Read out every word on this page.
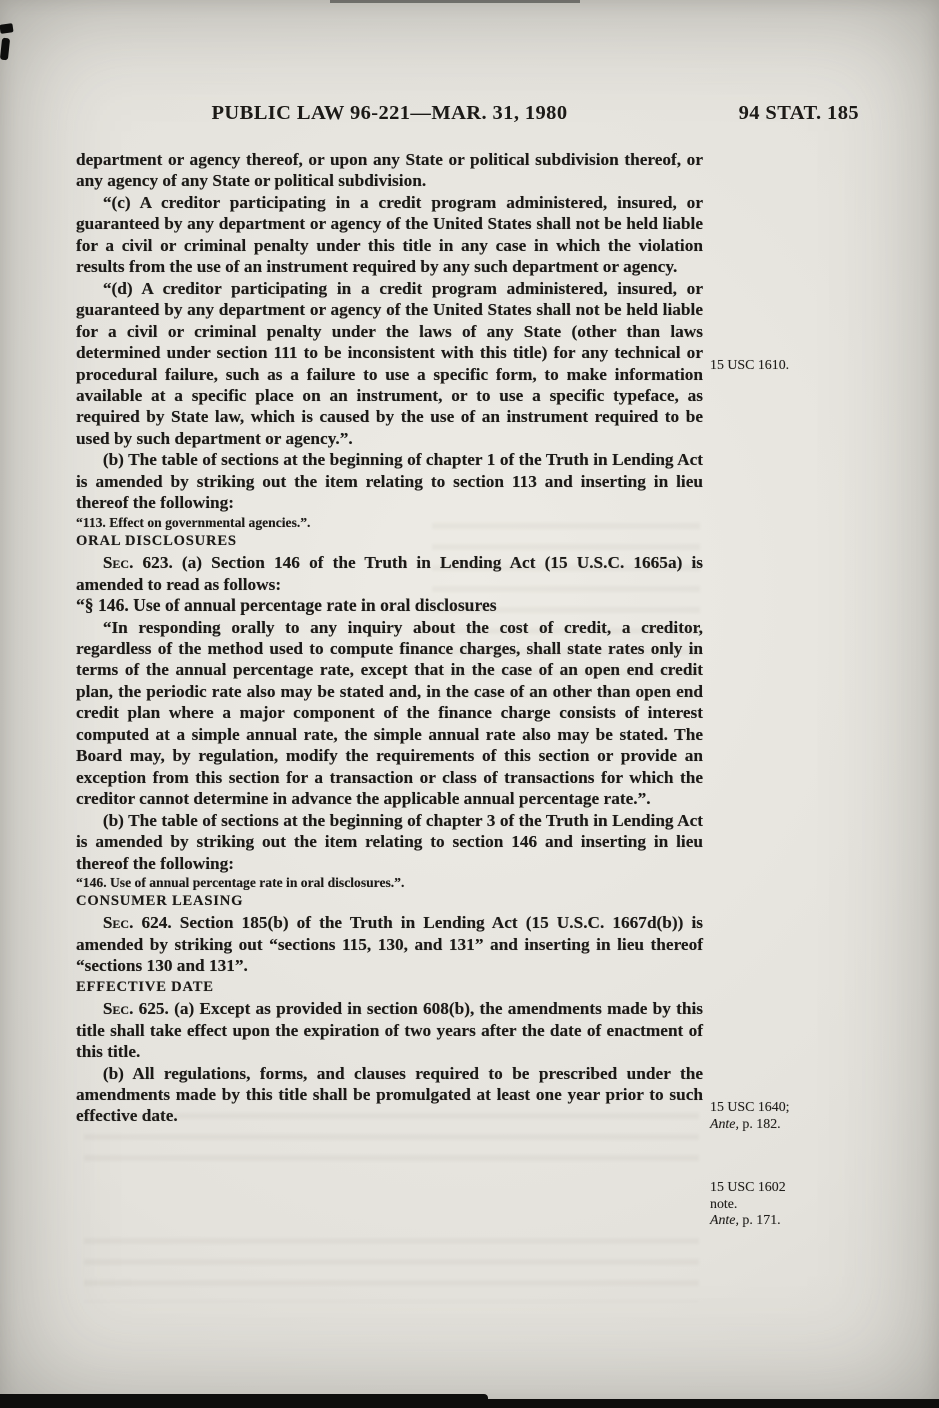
PUBLIC LAW 96-221—MAR. 31, 1980	94 STAT. 185

department or agency thereof, or upon any State or political subdivision thereof, or any agency of any State or political subdivision.

“(c) A creditor participating in a credit program administered, insured, or guaranteed by any department or agency of the United States shall not be held liable for a civil or criminal penalty under this title in any case in which the violation results from the use of an instrument required by any such department or agency.

“(d) A creditor participating in a credit program administered, insured, or guaranteed by any department or agency of the United States shall not be held liable for a civil or criminal penalty under the laws of any State (other than laws determined under section 111 to be inconsistent with this title) for any technical or procedural failure, such as a failure to use a specific form, to make information available at a specific place on an instrument, or to use a specific typeface, as required by State law, which is caused by the use of an instrument required to be used by such department or agency.”.

(b) The table of sections at the beginning of chapter 1 of the Truth in Lending Act is amended by striking out the item relating to section 113 and inserting in lieu thereof the following:

“113. Effect on governmental agencies.”.

ORAL DISCLOSURES

Sec. 623. (a) Section 146 of the Truth in Lending Act (15 U.S.C. 1665a) is amended to read as follows:

“§ 146. Use of annual percentage rate in oral disclosures

“In responding orally to any inquiry about the cost of credit, a creditor, regardless of the method used to compute finance charges, shall state rates only in terms of the annual percentage rate, except that in the case of an open end credit plan, the periodic rate also may be stated and, in the case of an other than open end credit plan where a major component of the finance charge consists of interest computed at a simple annual rate, the simple annual rate also may be stated. The Board may, by regulation, modify the requirements of this section or provide an exception from this section for a transaction or class of transactions for which the creditor cannot determine in advance the applicable annual percentage rate.”.

(b) The table of sections at the beginning of chapter 3 of the Truth in Lending Act is amended by striking out the item relating to section 146 and inserting in lieu thereof the following:

“146. Use of annual percentage rate in oral disclosures.”.

CONSUMER LEASING

Sec. 624. Section 185(b) of the Truth in Lending Act (15 U.S.C. 1667d(b)) is amended by striking out “sections 115, 130, and 131” and inserting in lieu thereof “sections 130 and 131”.

EFFECTIVE DATE

Sec. 625. (a) Except as provided in section 608(b), the amendments made by this title shall take effect upon the expiration of two years after the date of enactment of this title.

(b) All regulations, forms, and clauses required to be prescribed under the amendments made by this title shall be promulgated at least one year prior to such effective date.

15 USC 1610.
15 USC 1640;
Ante, p. 182.
15 USC 1602
note.
Ante, p. 171.
